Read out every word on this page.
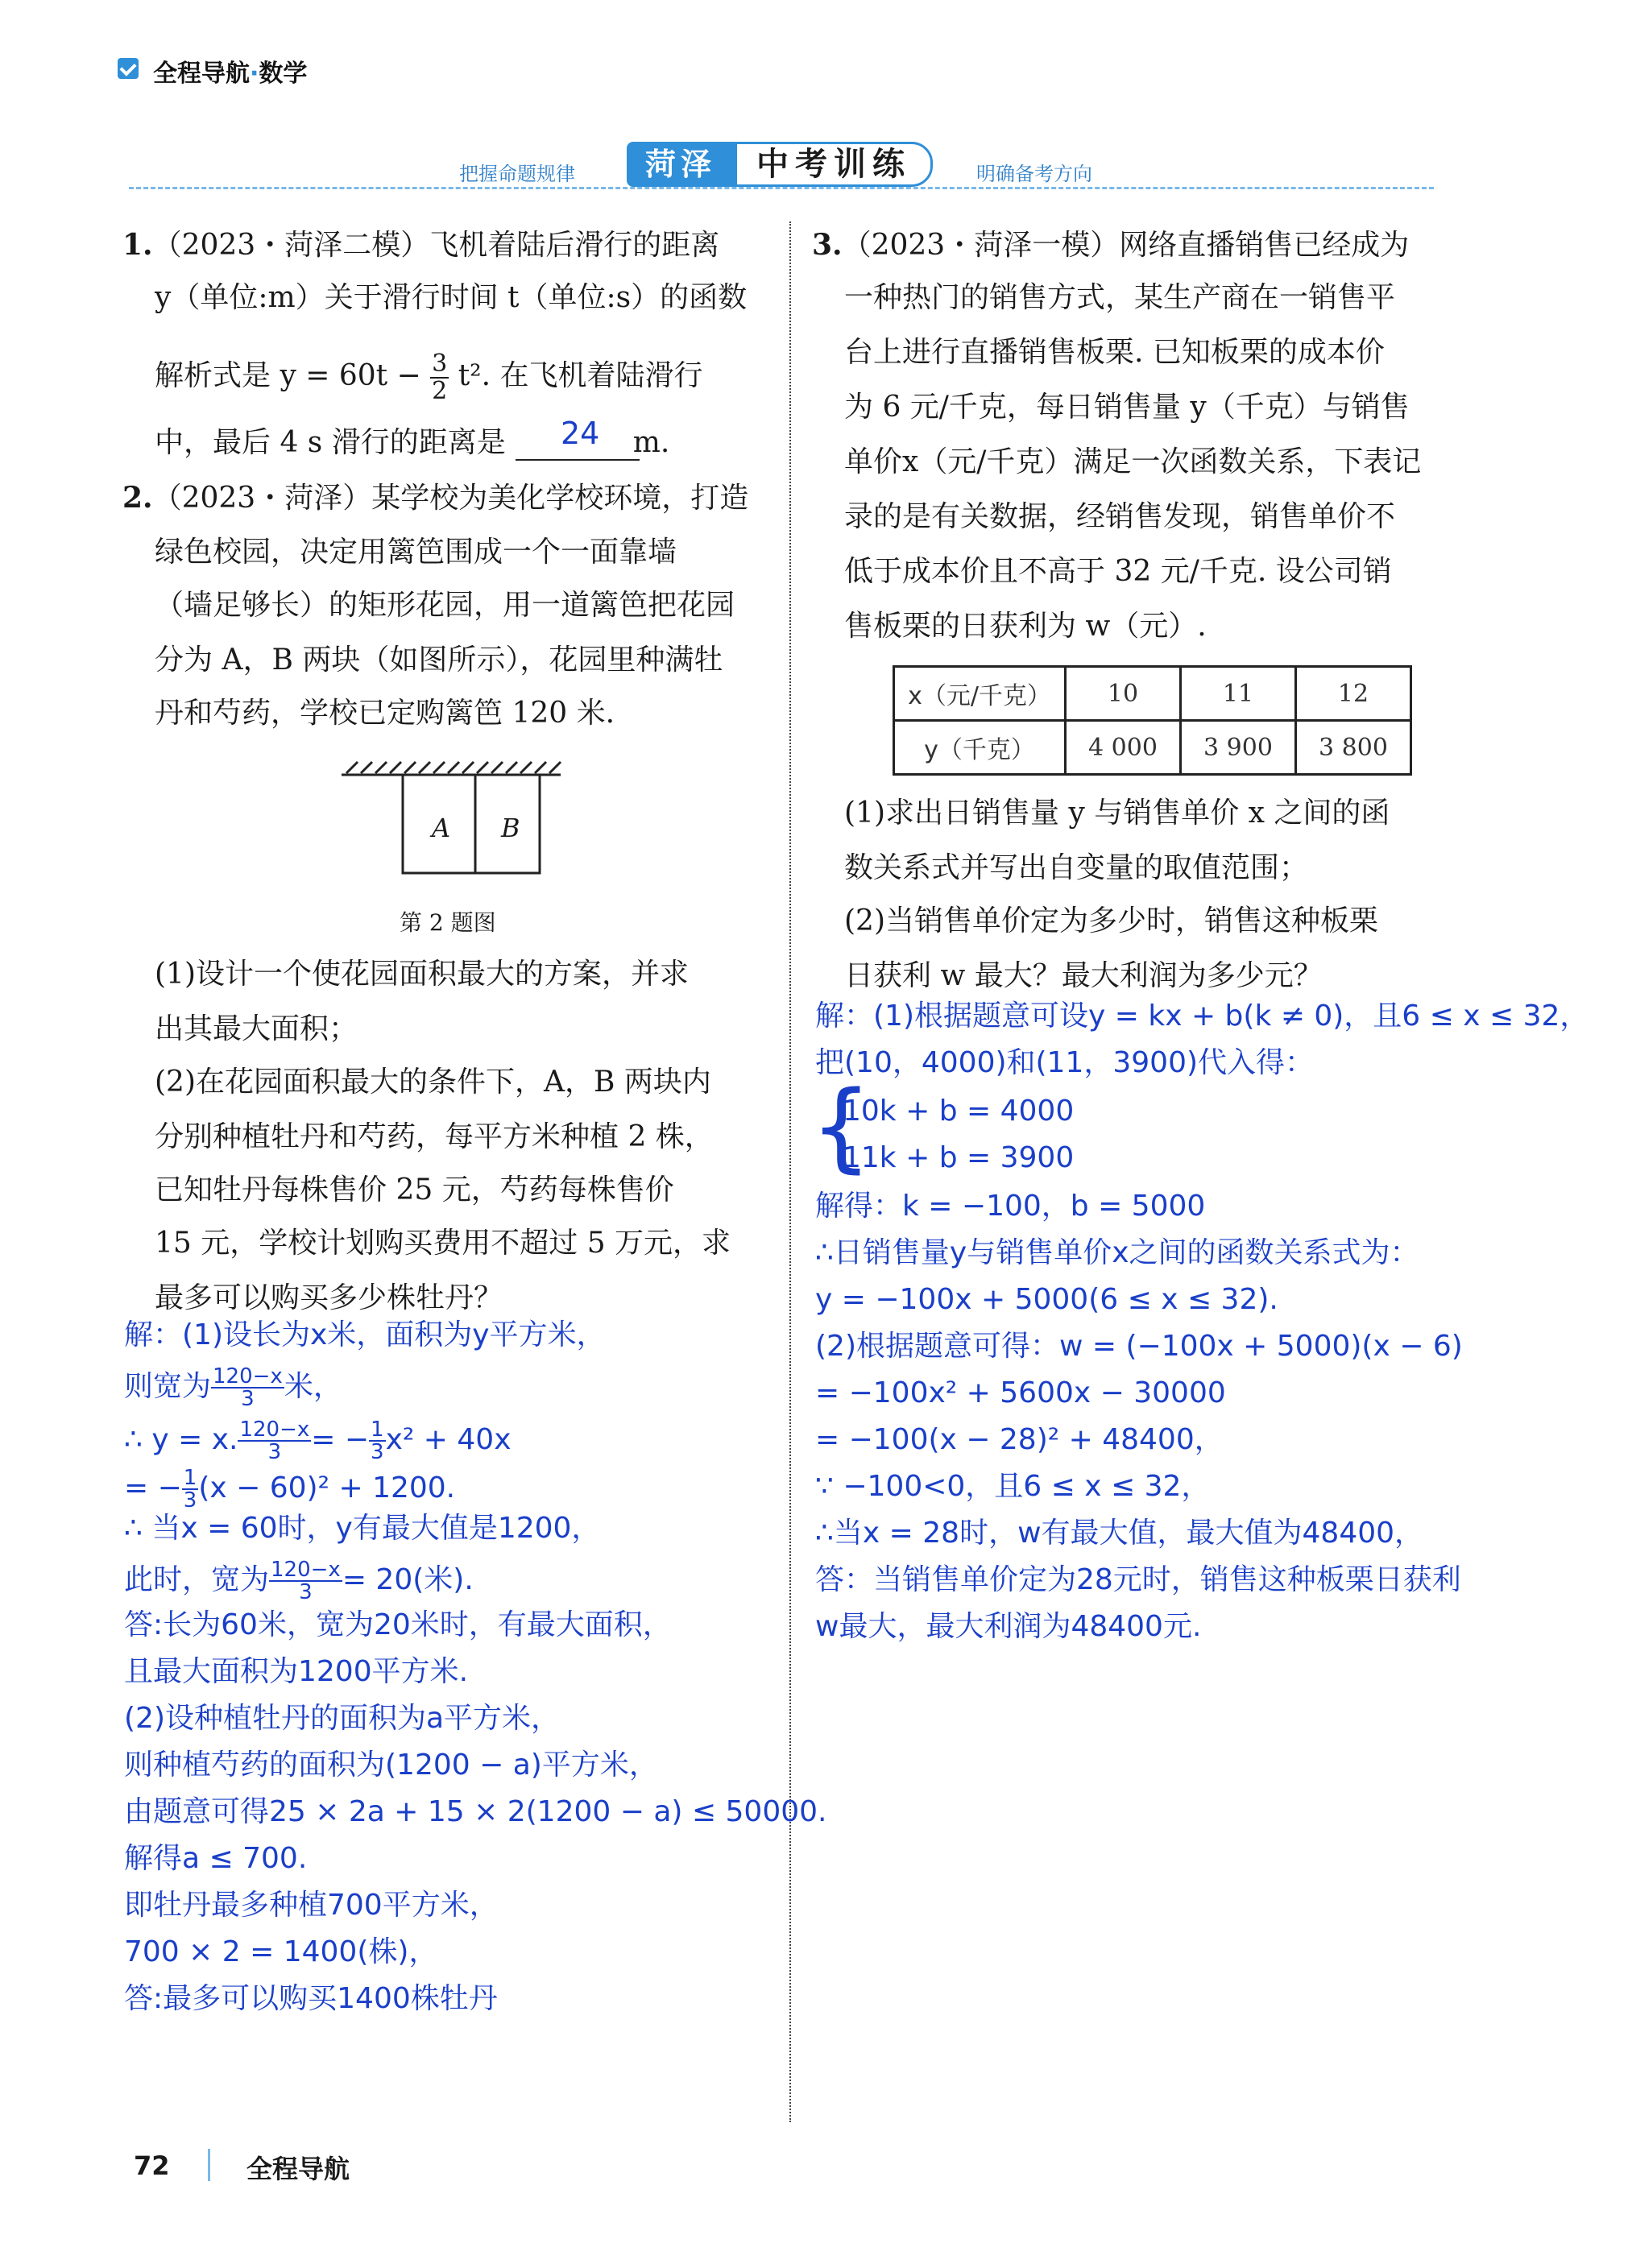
全程导航·数学
把握命题规律	菏泽	中考训练	明确备考方向
1.（2023・菏泽二模）飞机着陆后滑行的距离
y（单位:m）关于滑行时间 t（单位:s）的函数
解析式是 $y = 60t - \frac{3}{2} t^2$. 在飞机着陆滑行
中，最后 4 s 滑行的距离是	m.
24
2.（2023・菏泽）某学校为美化学校环境，打造
绿色校园，决定用篱笆围成一个一面靠墙
（墙足够长）的矩形花园，用一道篱笆把花园
分为 A，B 两块（如图所示），花园里种满牡
丹和芍药，学校已定购篱笆 120 米.
A B
第 2 题图
(1)设计一个使花园面积最大的方案，并求
出其最大面积；
(2)在花园面积最大的条件下，A，B 两块内
分别种植牡丹和芍药，每平方米种植 2 株，
已知牡丹每株售价 25 元，芍药每株售价
15 元，学校计划购买费用不超过 5 万元，求
最多可以购买多少株牡丹？
解：(1)设长为x米，面积为y平方米，
则宽为 $\frac{120-x}{3}$ 米，
∴ y = x. $\frac{120-x}{3}$ = − $\frac{1}{3} x^2 + 40x$
= − $\frac{1}{3} (x - 60)^2 + 1200$.
∴ 当x = 60时，y有最大值是1200，
此时，宽为 $\frac{120-x}{3} = 20$(米).
答:长为60米，宽为20米时，有最大面积，
且最大面积为1200平方米.
(2)设种植牡丹的面积为a平方米，
则种植芍药的面积为(1200 − a)平方米，
由题意可得25 × 2a + 15 × 2(1200 − a) ≤ 50000.
解得a ≤ 700.
即牡丹最多种植700平方米，
700 × 2 = 1400(株)，
答:最多可以购买1400株牡丹
3.（2023・菏泽一模）网络直播销售已经成为
一种热门的销售方式，某生产商在一销售平
台上进行直播销售板栗. 已知板栗的成本价
为 6 元/千克，每日销售量 y（千克）与销售
单价x（元/千克）满足一次函数关系，下表记
录的是有关数据，经销售发现，销售单价不
低于成本价且不高于 32 元/千克. 设公司销
售板栗的日获利为 w（元）.
x（元/千克）	10	11	12
y（千克）	4 000	3 900	3 800
(1)求出日销售量 y 与销售单价 x 之间的函
数关系式并写出自变量的取值范围；
(2)当销售单价定为多少时，销售这种板栗
日获利 w 最大？最大利润为多少元？
解：(1)根据题意可设y = kx + b(k ≠ 0)，且6 ≤ x ≤ 32，
把(10，4000)和(11，3900)代入得：
{
10k + b = 4000
11k + b = 3900
解得：k = −100，b = 5000
∴日销售量y与销售单价x之间的函数关系式为：
y = −100x + 5000(6 ≤ x ≤ 32).
(2)根据题意可得：w = (−100x + 5000)(x − 6)
= −100x² + 5600x − 30000
= −100(x − 28)² + 48400，
∵ −100<0，且6 ≤ x ≤ 32，
∴当x = 28时，w有最大值，最大值为48400，
答：当销售单价定为28元时，销售这种板栗日获利
w最大，最大利润为48400元.
72	全程导航
